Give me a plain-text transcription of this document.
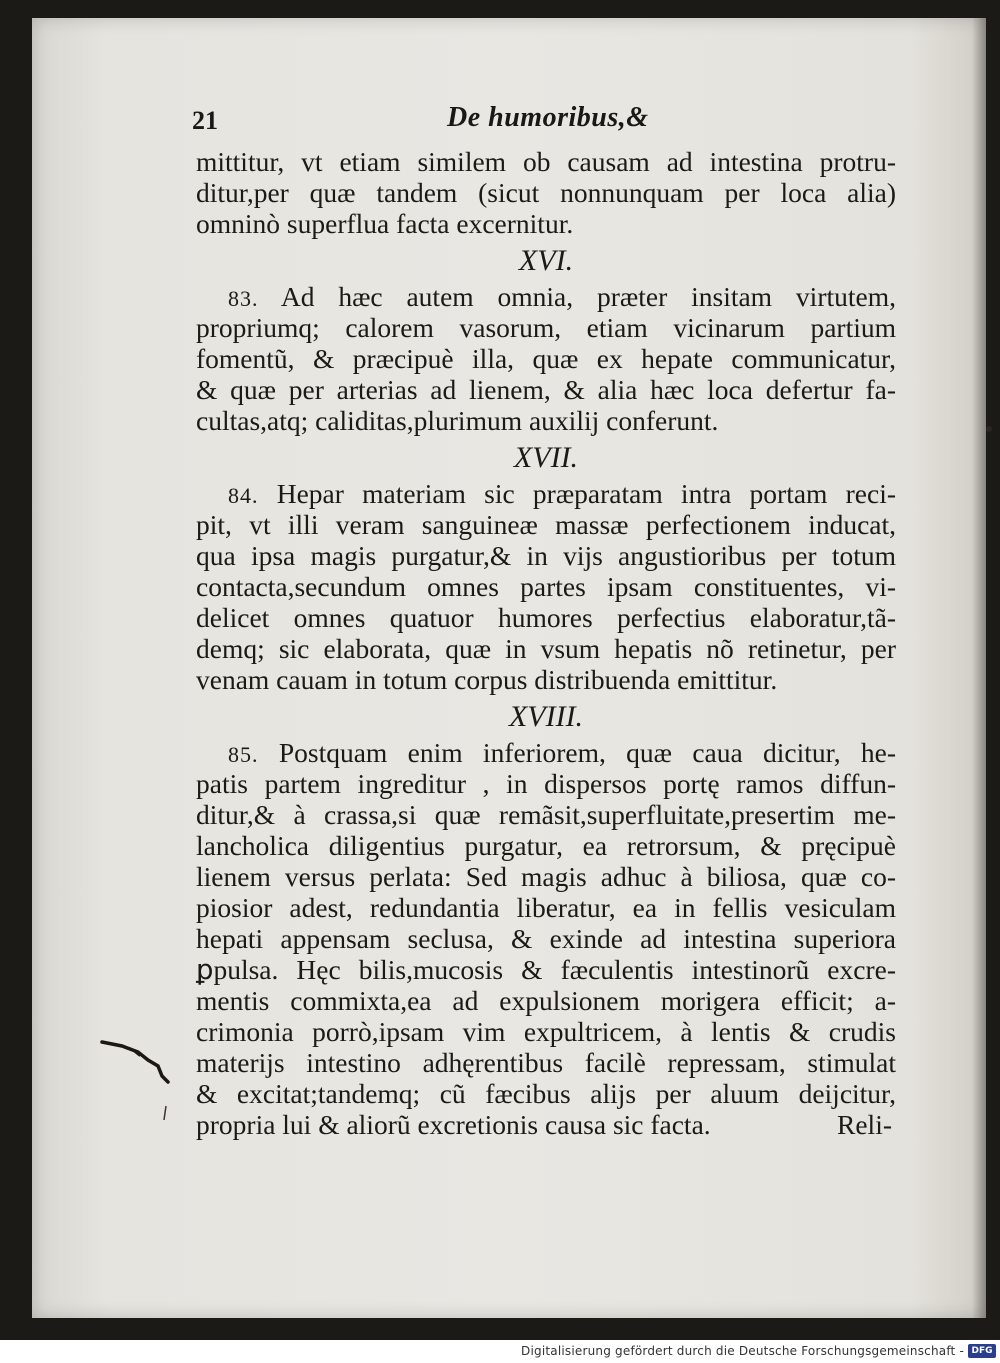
21	De humoribus,&
mittitur, vt etiam similem ob causam ad intestina protru-
ditur,per quæ tandem (sicut nonnunquam per loca alia)
omninò superflua facta excernitur.
XVI.
83. Ad hæc autem omnia, præter insitam virtutem,
propriumq; calorem vasorum, etiam vicinarum partium
fomentũ, & præcipuè illa, quæ ex hepate communicatur,
& quæ per arterias ad lienem, & alia hæc loca defertur fa-
cultas,atq; caliditas,plurimum auxilij conferunt.
XVII.
84. Hepar materiam sic præparatam intra portam reci-
pit, vt illi veram sanguineæ massæ perfectionem inducat,
qua ipsa magis purgatur,& in vijs angustioribus per totum
contacta,secundum omnes partes ipsam constituentes, vi-
delicet omnes quatuor humores perfectius elaboratur,tã-
demq; sic elaborata, quæ in vsum hepatis nõ retinetur, per
venam cauam in totum corpus distribuenda emittitur.
XVIII.
85. Postquam enim inferiorem, quæ caua dicitur, he-
patis partem ingreditur , in dispersos portę ramos diffun-
ditur,& à crassa,si quæ remãsit,superfluitate,presertim me-
lancholica diligentius purgatur, ea retrorsum, & pręcipuè
lienem versus perlata: Sed magis adhuc à biliosa, quæ co-
piosior adest, redundantia liberatur, ea in fellis vesiculam
hepati appensam seclusa, & exinde ad intestina superiora
ꝑpulsa. Hęc bilis,mucosis & fæculentis intestinorũ excre-
mentis commixta,ea ad expulsionem morigera efficit; a-
crimonia porrò,ipsam vim expultricem, à lentis & crudis
materijs intestino adhęrentibus facilè repressam, stimulat
& excitat;tandemq; cũ fæcibus alijs per aluum deijcitur,
propria lui & aliorũ excretionis causa sic facta.	Reli-
Digitalisierung gefördert durch die Deutsche Forschungsgemeinschaft - DFG
